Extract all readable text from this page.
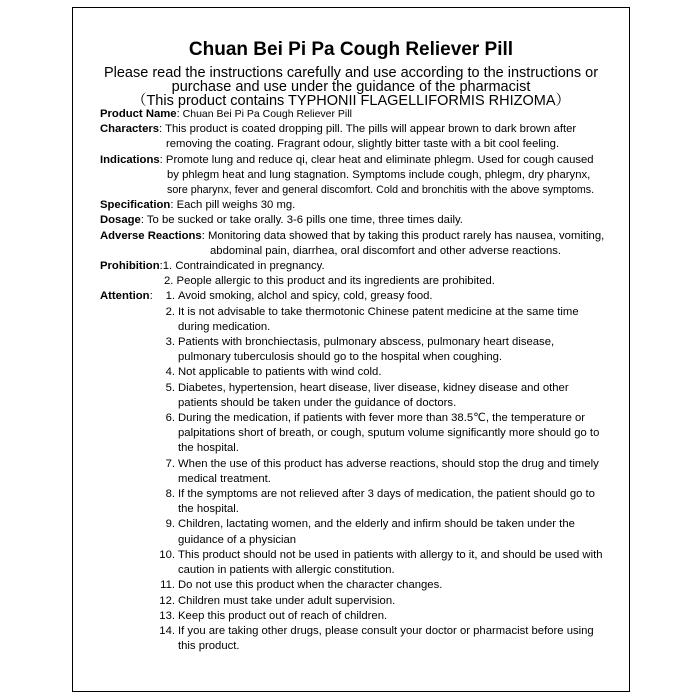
Chuan Bei Pi Pa Cough Reliever Pill
Please read the instructions carefully and use according to the instructions or
purchase and use under the guidance of the pharmacist
（This product contains TYPHONII FLAGELLIFORMIS RHIZOMA）
Product Name: Chuan Bei Pi Pa Cough Reliever Pill
Characters: This product is coated dropping pill. The pills will appear brown to dark brown after
removing the coating. Fragrant odour, slightly bitter taste with a bit cool feeling.
Indications: Promote lung and reduce qi, clear heat and eliminate phlegm. Used for cough caused
by phlegm heat and lung stagnation. Symptoms include cough, phlegm, dry pharynx,
sore pharynx, fever and general discomfort. Cold and bronchitis with the above symptoms.
Specification: Each pill weighs 30 mg.
Dosage: To be sucked or take orally. 3-6 pills one time, three times daily.
Adverse Reactions: Monitoring data showed that by taking this product rarely has nausea, vomiting,
abdominal pain, diarrhea, oral discomfort and other adverse reactions.
Prohibition:1. Contraindicated in pregnancy.
2. People allergic to this product and its ingredients are prohibited.
Attention:	1. Avoid smoking, alchol and spicy, cold, greasy food.
2. It is not advisable to take thermotonic Chinese patent medicine at the same time during medication.
3. Patients with bronchiectasis, pulmonary abscess, pulmonary heart disease, pulmonary tuberculosis should go to the hospital when coughing.
4. Not applicable to patients with wind cold.
5. Diabetes, hypertension, heart disease, liver disease, kidney disease and other patients should be taken under the guidance of doctors.
6. During the medication, if patients with fever more than 38.5℃, the temperature or palpitations short of breath, or cough, sputum volume significantly more should go to the hospital.
7. When the use of this product has adverse reactions, should stop the drug and timely medical treatment.
8. If the symptoms are not relieved after 3 days of medication, the patient should go to the hospital.
9. Children, lactating women, and the elderly and infirm should be taken under the guidance of a physician
10. This product should not be used in patients with allergy to it, and should be used with caution in patients with allergic constitution.
11. Do not use this product when the character changes.
12. Children must take under adult supervision.
13. Keep this product out of reach of children.
14. If you are taking other drugs, please consult your doctor or pharmacist before using this product.
